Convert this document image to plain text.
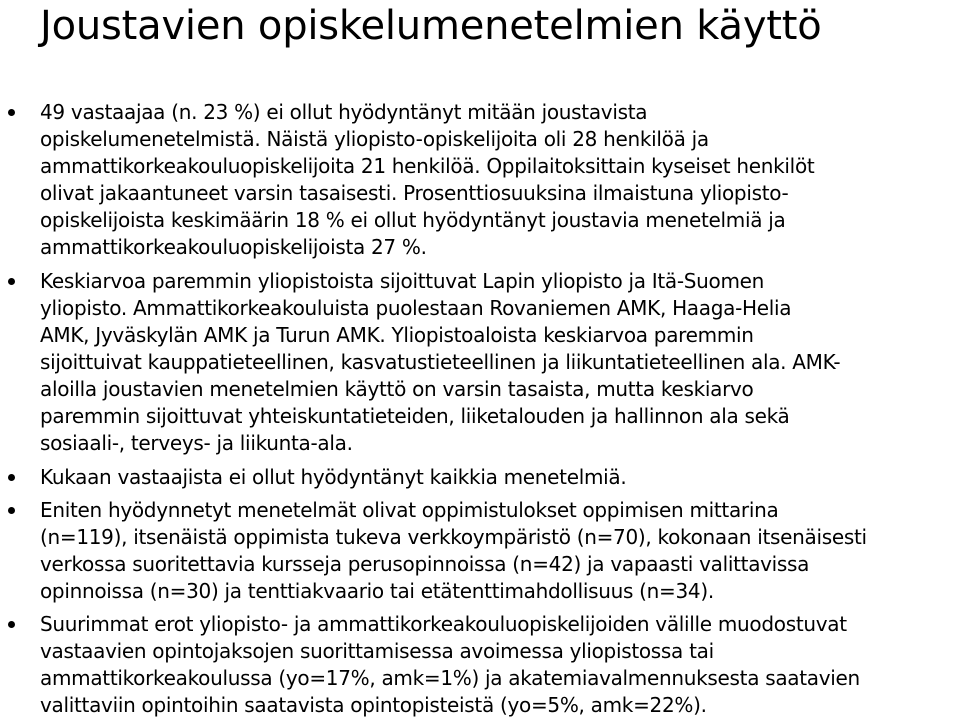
Joustavien opiskelumenetelmien käyttö
49 vastaajaa (n. 23 %) ei ollut hyödyntänyt mitään joustavista
opiskelumenetelmistä. Näistä yliopisto-opiskelijoita oli 28 henkilöä ja
ammattikorkeakouluopiskelijoita 21 henkilöä. Oppilaitoksittain kyseiset henkilöt
olivat jakaantuneet varsin tasaisesti. Prosenttiosuuksina ilmaistuna yliopisto-
opiskelijoista keskimäärin 18 % ei ollut hyödyntänyt joustavia menetelmiä ja
ammattikorkeakouluopiskelijoista 27 %.
Keskiarvoa paremmin yliopistoista sijoittuvat Lapin yliopisto ja Itä-Suomen
yliopisto. Ammattikorkeakouluista puolestaan Rovaniemen AMK, Haaga-Helia
AMK, Jyväskylän AMK ja Turun AMK. Yliopistoaloista keskiarvoa paremmin
sijoittuivat kauppatieteellinen, kasvatustieteellinen ja liikuntatieteellinen ala. AMK-
aloilla joustavien menetelmien käyttö on varsin tasaista, mutta keskiarvo
paremmin sijoittuvat yhteiskuntatieteiden, liiketalouden ja hallinnon ala sekä
sosiaali-, terveys- ja liikunta-ala.
Kukaan vastaajista ei ollut hyödyntänyt kaikkia menetelmiä.
Eniten hyödynnetyt menetelmät olivat oppimistulokset oppimisen mittarina
(n=119), itsenäistä oppimista tukeva verkkoympäristö (n=70), kokonaan itsenäisesti
verkossa suoritettavia kursseja perusopinnoissa (n=42) ja vapaasti valittavissa
opinnoissa (n=30) ja tenttiakvaario tai etätenttimahdollisuus (n=34).
Suurimmat erot yliopisto- ja ammattikorkeakouluopiskelijoiden välille muodostuvat
vastaavien opintojaksojen suorittamisessa avoimessa yliopistossa tai
ammattikorkeakoulussa (yo=17%, amk=1%) ja akatemiavalmennuksesta saatavien
valittaviin opintoihin saatavista opintopisteistä (yo=5%, amk=22%).
